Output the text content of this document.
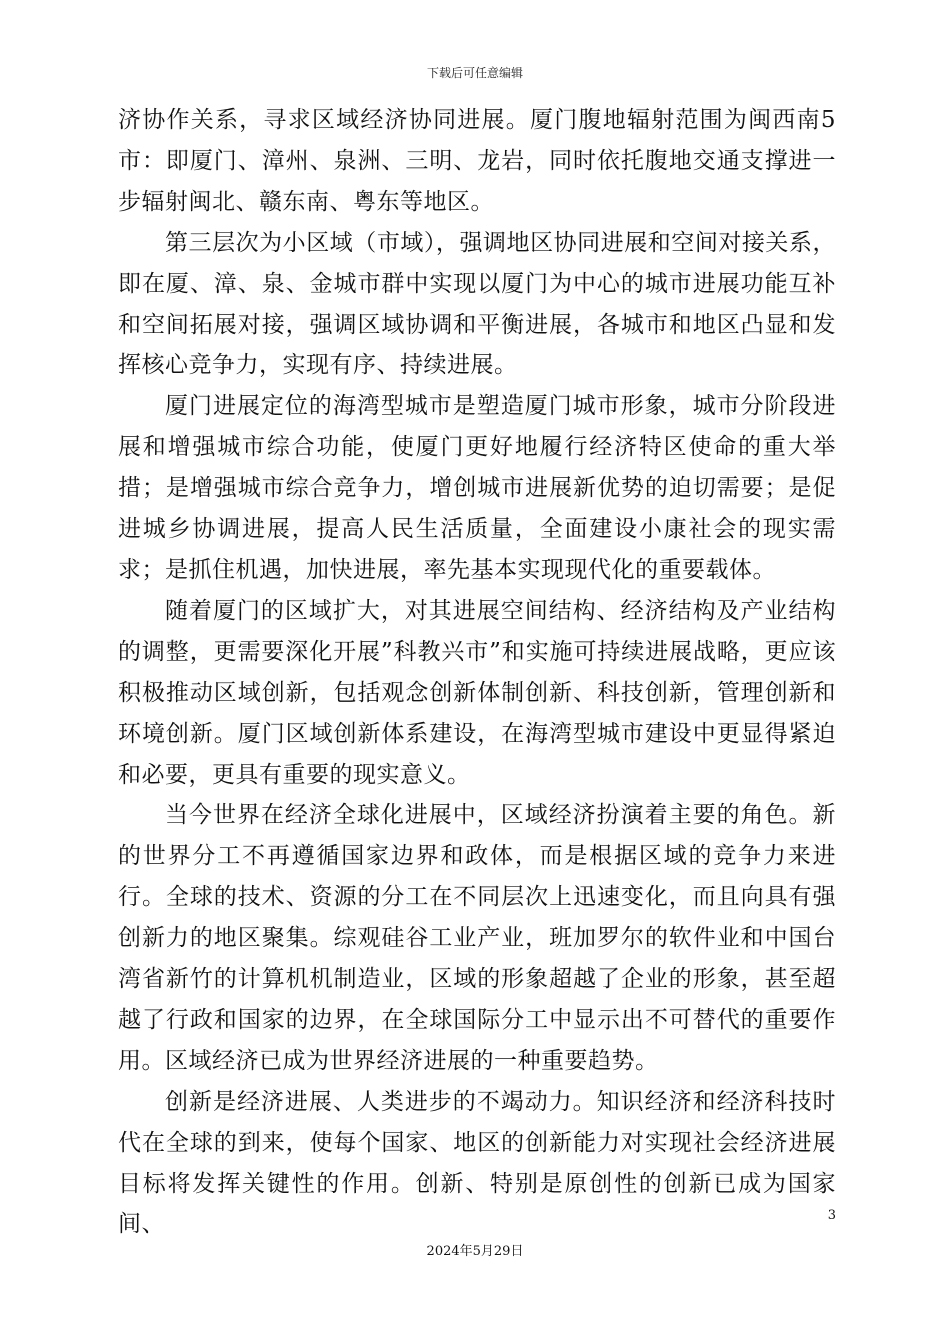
下载后可任意编辑

济协作关系，寻求区域经济协同进展。厦门腹地辐射范围为闽西南5市：即厦门、漳州、泉洲、三明、龙岩，同时依托腹地交通支撑进一步辐射闽北、赣东南、粤东等地区。

第三层次为小区域（市域），强调地区协同进展和空间对接关系，即在厦、漳、泉、金城市群中实现以厦门为中心的城市进展功能互补和空间拓展对接，强调区域协调和平衡进展，各城市和地区凸显和发挥核心竞争力，实现有序、持续进展。

厦门进展定位的海湾型城市是塑造厦门城市形象，城市分阶段进展和增强城市综合功能，使厦门更好地履行经济特区使命的重大举措；是增强城市综合竞争力，增创城市进展新优势的迫切需要；是促进城乡协调进展，提高人民生活质量，全面建设小康社会的现实需求；是抓住机遇，加快进展，率先基本实现现代化的重要载体。

随着厦门的区域扩大，对其进展空间结构、经济结构及产业结构的调整，更需要深化开展”科教兴市”和实施可持续进展战略，更应该积极推动区域创新，包括观念创新体制创新、科技创新，管理创新和环境创新。厦门区域创新体系建设，在海湾型城市建设中更显得紧迫和必要，更具有重要的现实意义。

当今世界在经济全球化进展中，区域经济扮演着主要的角色。新的世界分工不再遵循国家边界和政体，而是根据区域的竞争力来进行。全球的技术、资源的分工在不同层次上迅速变化，而且向具有强创新力的地区聚集。综观硅谷工业产业，班加罗尔的软件业和中国台湾省新竹的计算机机制造业，区域的形象超越了企业的形象，甚至超越了行政和国家的边界，在全球国际分工中显示出不可替代的重要作用。区域经济已成为世界经济进展的一种重要趋势。

创新是经济进展、人类进步的不竭动力。知识经济和经济科技时代在全球的到来，使每个国家、地区的创新能力对实现社会经济进展目标将发挥关键性的作用。创新、特别是原创性的创新已成为国家间、	3
2024年5月29日
